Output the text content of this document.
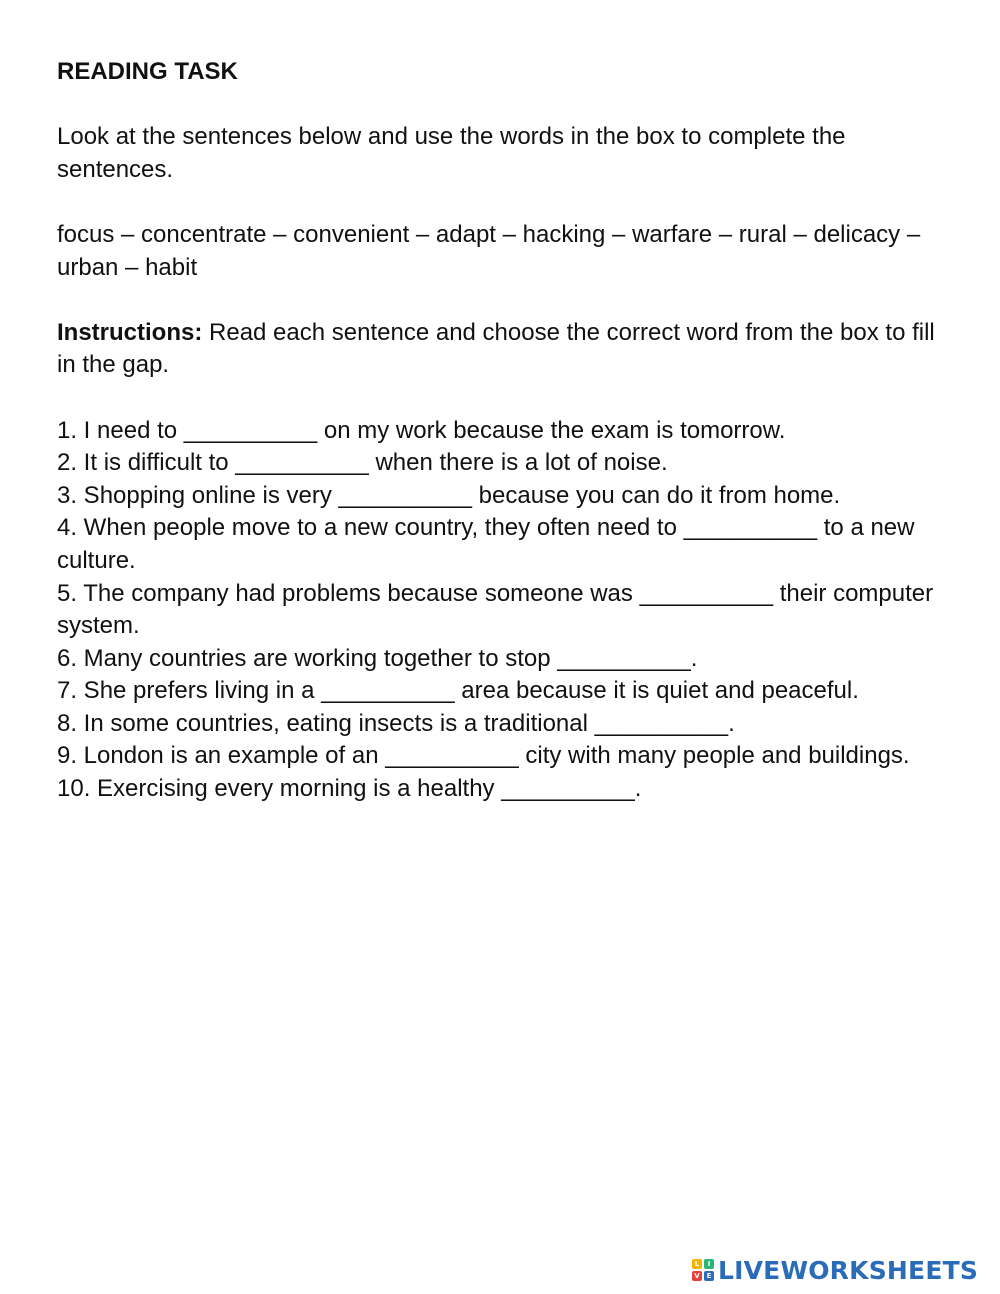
READING TASK

Look at the sentences below and use the words in the box to complete the sentences.

focus – concentrate – convenient – adapt – hacking – warfare – rural – delicacy – urban – habit

Instructions: Read each sentence and choose the correct word from the box to fill in the gap.

1. I need to __________ on my work because the exam is tomorrow.
2. It is difficult to __________ when there is a lot of noise.
3. Shopping online is very __________ because you can do it from home.
4. When people move to a new country, they often need to __________ to a new culture.
5. The company had problems because someone was __________ their computer system.
6. Many countries are working together to stop __________.
7. She prefers living in a __________ area because it is quiet and peaceful.
8. In some countries, eating insects is a traditional __________.
9. London is an example of an __________ city with many people and buildings.
10. Exercising every morning is a healthy __________.
L	I
V E LIVEWORKSHEETS
